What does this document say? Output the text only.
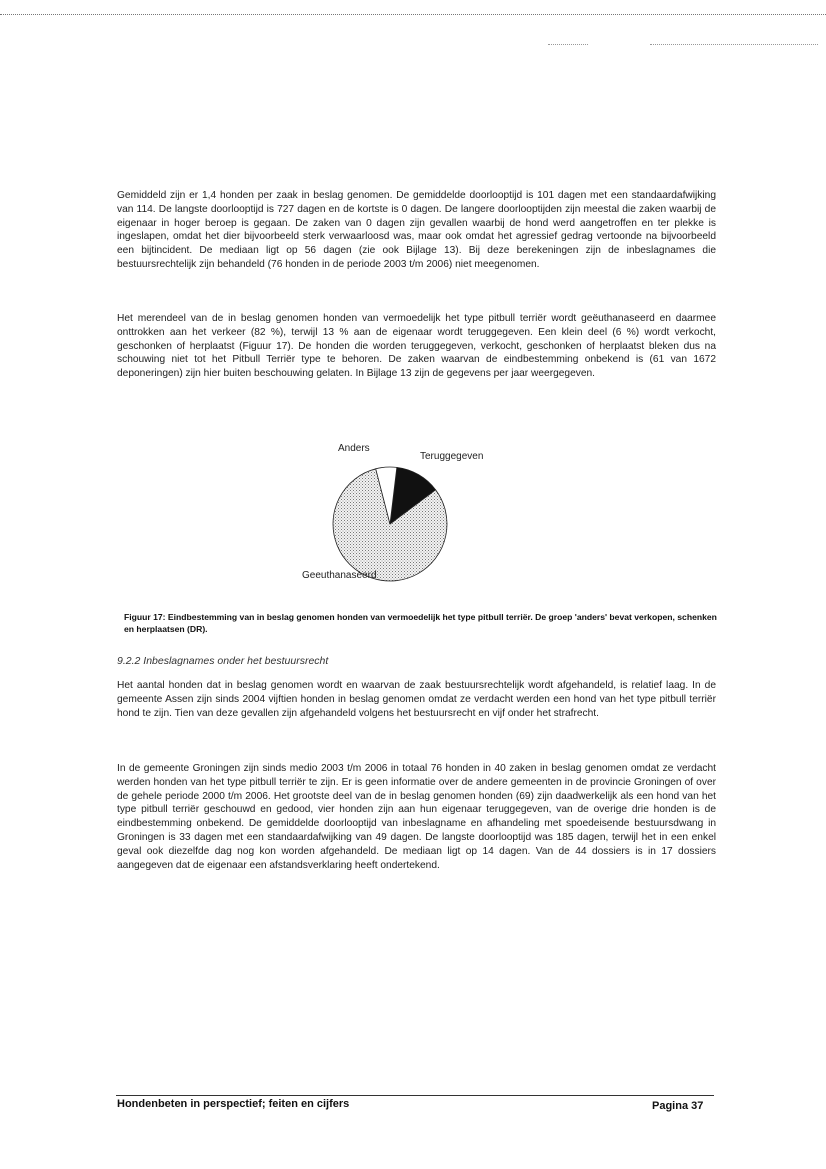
Gemiddeld zijn er 1,4 honden per zaak in beslag genomen. De gemiddelde doorlooptijd is 101 dagen met een standaardafwijking van 114. De langste doorlooptijd is 727 dagen en de kortste is 0 dagen. De langere doorlooptijden zijn meestal die zaken waarbij de eigenaar in hoger beroep is gegaan. De zaken van 0 dagen zijn gevallen waarbij de hond werd aangetroffen en ter plekke is ingeslapen, omdat het dier bijvoorbeeld sterk verwaarloosd was, maar ook omdat het agressief gedrag vertoonde na bijvoorbeeld een bijtincident. De mediaan ligt op 56 dagen (zie ook Bijlage 13). Bij deze berekeningen zijn de inbeslagnames die bestuursrechtelijk zijn behandeld (76 honden in de periode 2003 t/m 2006) niet meegenomen.

Het merendeel van de in beslag genomen honden van vermoedelijk het type pitbull terriër wordt geëuthanaseerd en daarmee onttrokken aan het verkeer (82 %), terwijl 13 % aan de eigenaar wordt teruggegeven. Een klein deel (6 %) wordt verkocht, geschonken of herplaatst (Figuur 17). De honden die worden teruggegeven, verkocht, geschonken of herplaatst bleken dus na schouwing niet tot het Pitbull Terriër type te behoren. De zaken waarvan de eindbestemming onbekend is (61 van 1672 deponeringen) zijn hier buiten beschouwing gelaten. In Bijlage 13 zijn de gegevens per jaar weergegeven.

Teruggegeven
Geeuthanaseerd
Anders

Figuur 17: Eindbestemming van in beslag genomen honden van vermoedelijk het type pitbull terriër. De groep 'anders' bevat verkopen, schenken en herplaatsen (DR).

9.2.2 Inbeslagnames onder het bestuursrecht

Het aantal honden dat in beslag genomen wordt en waarvan de zaak bestuursrechtelijk wordt afgehandeld, is relatief laag. In de gemeente Assen zijn sinds 2004 vijftien honden in beslag genomen omdat ze verdacht werden een hond van het type pitbull terriër hond te zijn. Tien van deze gevallen zijn afgehandeld volgens het bestuursrecht en vijf onder het strafrecht.

In de gemeente Groningen zijn sinds medio 2003 t/m 2006 in totaal 76 honden in 40 zaken in beslag genomen omdat ze verdacht werden honden van het type pitbull terriër te zijn. Er is geen informatie over de andere gemeenten in de provincie Groningen of over de gehele periode 2000 t/m 2006. Het grootste deel van de in beslag genomen honden (69) zijn daadwerkelijk als een hond van het type pitbull terriër geschouwd en gedood, vier honden zijn aan hun eigenaar teruggegeven, van de overige drie honden is de eindbestemming onbekend. De gemiddelde doorlooptijd van inbeslagname en afhandeling met spoedeisende bestuursdwang in Groningen is 33 dagen met een standaardafwijking van 49 dagen. De langste doorlooptijd was 185 dagen, terwijl het in een enkel geval ook diezelfde dag nog kon worden afgehandeld. De mediaan ligt op 14 dagen. Van de 44 dossiers is in 17 dossiers aangegeven dat de eigenaar een afstandsverklaring heeft ondertekend.

Hondenbeten in perspectief; feiten en cijfers	Pagina 37
